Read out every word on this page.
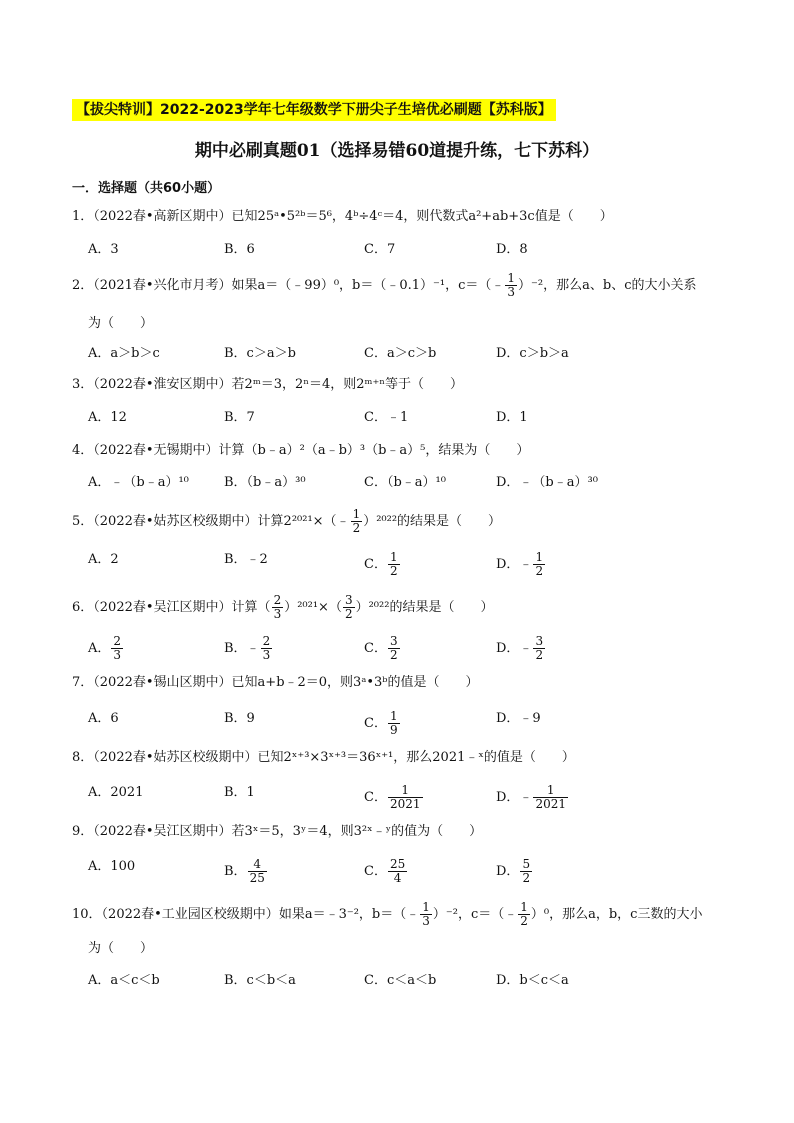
【拔尖特训】2022-2023学年七年级数学下册尖子生培优必刷题【苏科版】
期中必刷真题01（选择易错60道提升练，七下苏科）
一．选择题（共60小题）
1．（2022春•高新区期中）已知25ᵃ•5²ᵇ＝5⁶，4ᵇ÷4ᶜ＝4，则代数式a²+ab+3c值是（　　）
A．3	B．6	C．7	D．8
2．（2021春•兴化市月考）如果a＝（﹣99）⁰，b＝（﹣0.1）⁻¹，c＝（﹣ $\frac{1}{3} )^{-2}$，那么a、b、c的大小关系
为（　　）
A．a＞b＞c	B．c＞a＞b	C．a＞c＞b	D．c＞b＞a
3．（2022春•淮安区期中）若2ᵐ＝3，2ⁿ＝4，则2ᵐ⁺ⁿ等于（　　）
A．12	B．7	C．﹣1	D．1
4．（2022春•无锡期中）计算（b﹣a）²（a﹣b）³（b﹣a）⁵，结果为（　　）
A．﹣（b﹣a）¹⁰	B．（b﹣a）³⁰	C．（b﹣a）¹⁰	D．﹣（b﹣a）³⁰
5．（2022春•姑苏区校级期中）计算2²⁰²¹×（﹣ $\frac{1}{2} )^{2022}$的结果是（　　）
A．2	B．﹣2	C． $\frac{1}{2}$	D．﹣ $\frac{1}{2}$
6．（2022春•吴江区期中）计算（ $\frac{2}{3} )^{2021}\times( \frac{3}{2} )^{2022}$的结果是（　　）
A． $\frac{2}{3}$	B．﹣ $\frac{2}{3}$	C． $\frac{3}{2}$	D．﹣ $\frac{3}{2}$
7．（2022春•锡山区期中）已知a+b﹣2＝0，则3ᵃ•3ᵇ的值是（　　）
A．6	B．9	C． $\frac{1}{9}$	D．﹣9
8．（2022春•姑苏区校级期中）已知2ˣ⁺³×3ˣ⁺³＝36ˣ⁺¹，那么2021﹣ˣ的值是（　　）
A．2021	B．1	C． $\frac{1}{2021}$	D．﹣ $\frac{1}{2021}$
9．（2022春•吴江区期中）若3ˣ＝5，3ʸ＝4，则3²ˣ﹣ʸ的值为（　　）
A．100	B． $\frac{4}{25}$	C． $\frac{25}{4}$	D． $\frac{5}{2}$
10．（2022春•工业园区校级期中）如果a＝﹣3⁻²，b＝（﹣ $\frac{1}{3} )^{-2}$，c＝（﹣ $\frac{1}{2} )^0$，那么a，b，c三数的大小
为（　　）
A．a＜c＜b	B．c＜b＜a	C．c＜a＜b	D．b＜c＜a
